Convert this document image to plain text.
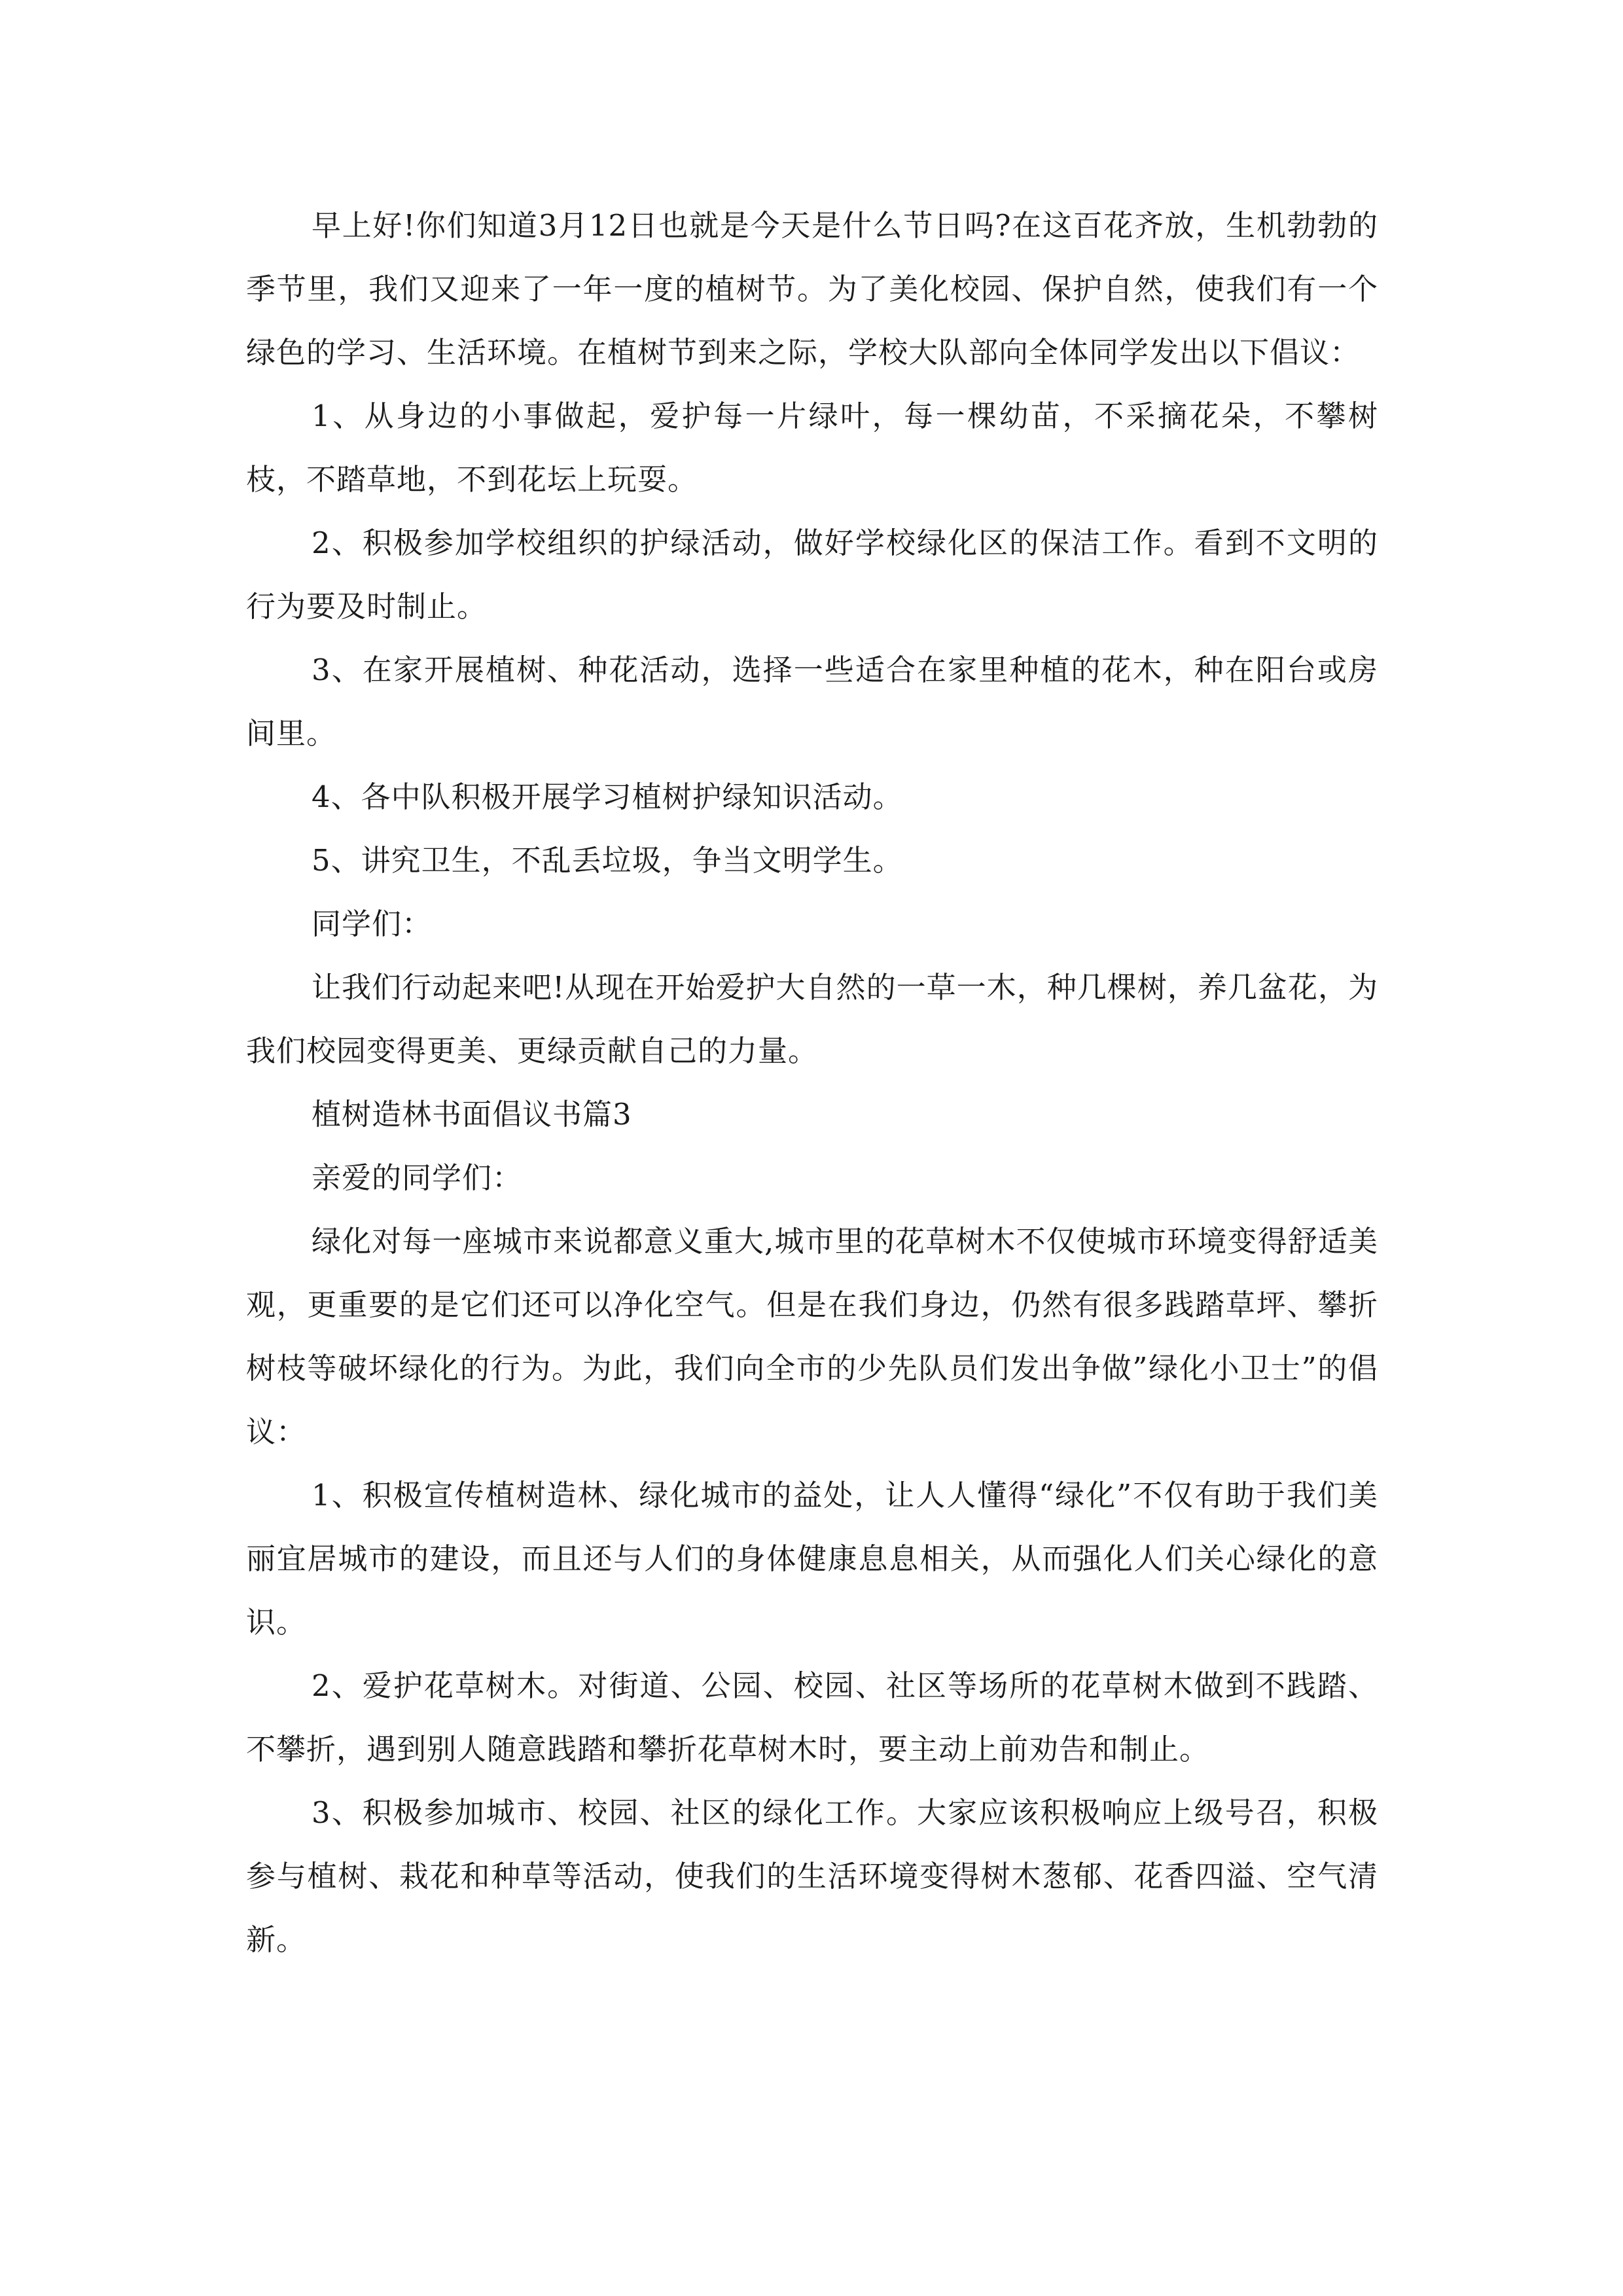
早上好!你们知道3月12日也就是今天是什么节日吗?在这百花齐放，生机勃勃的季节里，我们又迎来了一年一度的植树节。为了美化校园、保护自然，使我们有一个绿色的学习、生活环境。在植树节到来之际，学校大队部向全体同学发出以下倡议：

1、从身边的小事做起，爱护每一片绿叶，每一棵幼苗，不采摘花朵，不攀树枝，不踏草地，不到花坛上玩耍。

2、积极参加学校组织的护绿活动，做好学校绿化区的保洁工作。看到不文明的行为要及时制止。

3、在家开展植树、种花活动，选择一些适合在家里种植的花木，种在阳台或房间里。

4、各中队积极开展学习植树护绿知识活动。

5、讲究卫生，不乱丢垃圾，争当文明学生。

同学们：

让我们行动起来吧!从现在开始爱护大自然的一草一木，种几棵树，养几盆花，为我们校园变得更美、更绿贡献自己的力量。

植树造林书面倡议书篇3

亲爱的同学们：

绿化对每一座城市来说都意义重大,城市里的花草树木不仅使城市环境变得舒适美观，更重要的是它们还可以净化空气。但是在我们身边，仍然有很多践踏草坪、攀折树枝等破坏绿化的行为。为此，我们向全市的少先队员们发出争做”绿化小卫士”的倡议：

1、积极宣传植树造林、绿化城市的益处，让人人懂得“绿化”不仅有助于我们美丽宜居城市的建设，而且还与人们的身体健康息息相关，从而强化人们关心绿化的意识。

2、爱护花草树木。对街道、公园、校园、社区等场所的花草树木做到不践踏、不攀折，遇到别人随意践踏和攀折花草树木时，要主动上前劝告和制止。

3、积极参加城市、校园、社区的绿化工作。大家应该积极响应上级号召，积极参与植树、栽花和种草等活动，使我们的生活环境变得树木葱郁、花香四溢、空气清新。
